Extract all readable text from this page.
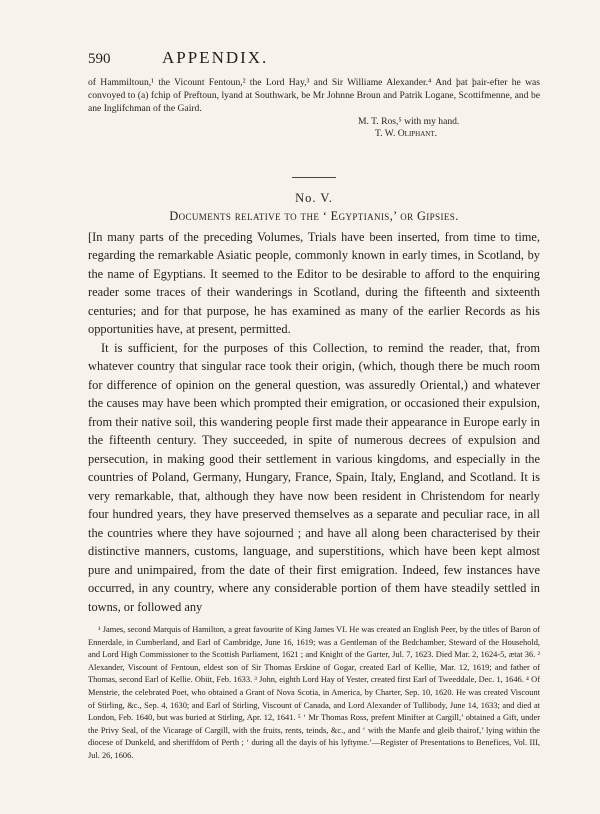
590	APPENDIX.

of Hammiltoun,¹ the Vicount Fentoun,² the Lord Hay,³ and Sir Williame Alexander.⁴ And þat þair-efter he was convoyed to (a) fchip of Preftoun, lyand at Southwark, be Mr Johnne Broun and Patrik Logane, Scottifmenne, and be ane Inglifchman of the Gaird.

M. T. Ros,⁵ with my hand.
T. W. Oliphant.
No. V.
Documents relative to the ‘ Egyptianis,’ or Gipsies.

[In many parts of the preceding Volumes, Trials have been inserted, from time to time, regarding the remarkable Asiatic people, commonly known in early times, in Scotland, by the name of Egyptians. It seemed to the Editor to be desirable to afford to the enquiring reader some traces of their wanderings in Scotland, during the fifteenth and sixteenth centuries; and for that purpose, he has examined as many of the earlier Records as his opportunities have, at present, permitted.

It is sufficient, for the purposes of this Collection, to remind the reader, that, from whatever country that singular race took their origin, (which, though there be much room for difference of opinion on the general question, was assuredly Oriental,) and whatever the causes may have been which prompted their emigration, or occasioned their expulsion, from their native soil, this wandering people first made their appearance in Europe early in the fifteenth century. They succeeded, in spite of numerous decrees of expulsion and persecution, in making good their settlement in various kingdoms, and especially in the countries of Poland, Germany, Hungary, France, Spain, Italy, England, and Scotland. It is very remarkable, that, although they have now been resident in Christendom for nearly four hundred years, they have preserved themselves as a separate and peculiar race, in all the countries where they have sojourned ; and have all along been characterised by their distinctive manners, customs, language, and superstitions, which have been kept almost pure and unimpaired, from the date of their first emigration. Indeed, few instances have occurred, in any country, where any considerable portion of them have steadily settled in towns, or followed any

¹ James, second Marquis of Hamilton, a great favourite of King James VI. He was created an English Peer, by the titles of Baron of Ennerdale, in Cumberland, and Earl of Cambridge, June 16, 1619; was a Gentleman of the Bedchamber, Steward of the Household, and Lord High Commissioner to the Scottish Parliament, 1621 ; and Knight of the Garter, Jul. 7, 1623. Died Mar. 2, 1624-5, ætat 36. ² Alexander, Viscount of Fentoun, eldest son of Sir Thomas Erskine of Gogar, created Earl of Kellie, Mar. 12, 1619; and father of Thomas, second Earl of Kellie. Obiit, Feb. 1633. ³ John, eighth Lord Hay of Yester, created first Earl of Tweeddale, Dec. 1, 1646. ⁴ Of Menstrie, the celebrated Poet, who obtained a Grant of Nova Scotia, in America, by Charter, Sep. 10, 1620. He was created Viscount of Stirling, &c., Sep. 4, 1630; and Earl of Stirling, Viscount of Canada, and Lord Alexander of Tullibody, June 14, 1633; and died at London, Feb. 1640, but was buried at Stirling, Apr. 12, 1641. ⁵ ‘ Mr Thomas Ross, prefent Minifter at Cargill,’ obtained a Gift, under the Privy Seal, of the Vicarage of Cargill, with the fruits, rents, teinds, &c., and ‘ with the Manfe and gleib thairof,’ lying within the diocese of Dunkeld, and sheriffdom of Perth ; ‘ during all the dayis of his lyftyme.’—Register of Presentations to Benefices, Vol. III, Jul. 26, 1606.
